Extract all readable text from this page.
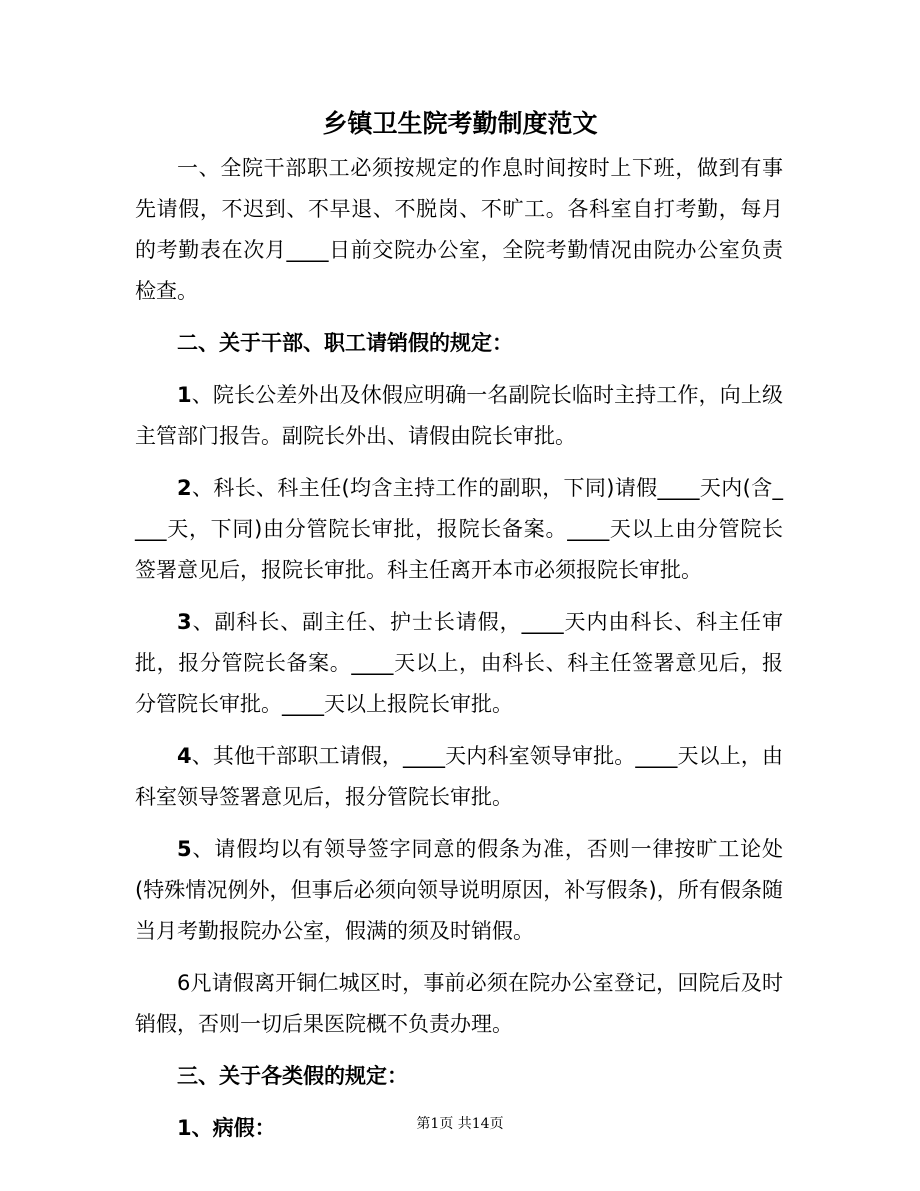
乡镇卫生院考勤制度范文

一、全院干部职工必须按规定的作息时间按时上下班，做到有事先请假，不迟到、不早退、不脱岗、不旷工。各科室自打考勤，每月的考勤表在次月____日前交院办公室，全院考勤情况由院办公室负责检查。

二、关于干部、职工请销假的规定：

1、院长公差外出及休假应明确一名副院长临时主持工作，向上级主管部门报告。副院长外出、请假由院长审批。

2、科长、科主任(均含主持工作的副职，下同)请假____天内(含_ ___天，下同)由分管院长审批，报院长备案。____天以上由分管院长签署意见后，报院长审批。科主任离开本市必须报院长审批。

3、副科长、副主任、护士长请假，____天内由科长、科主任审批，报分管院长备案。____天以上，由科长、科主任签署意见后，报分管院长审批。____天以上报院长审批。

4、其他干部职工请假，____天内科室领导审批。____天以上，由科室领导签署意见后，报分管院长审批。

5、请假均以有领导签字同意的假条为准，否则一律按旷工论处(特殊情况例外，但事后必须向领导说明原因，补写假条)，所有假条随当月考勤报院办公室，假满的须及时销假。

6凡请假离开铜仁城区时，事前必须在院办公室登记，回院后及时销假，否则一切后果医院概不负责办理。

三、关于各类假的规定：

1、病假：	第1页 共14页
